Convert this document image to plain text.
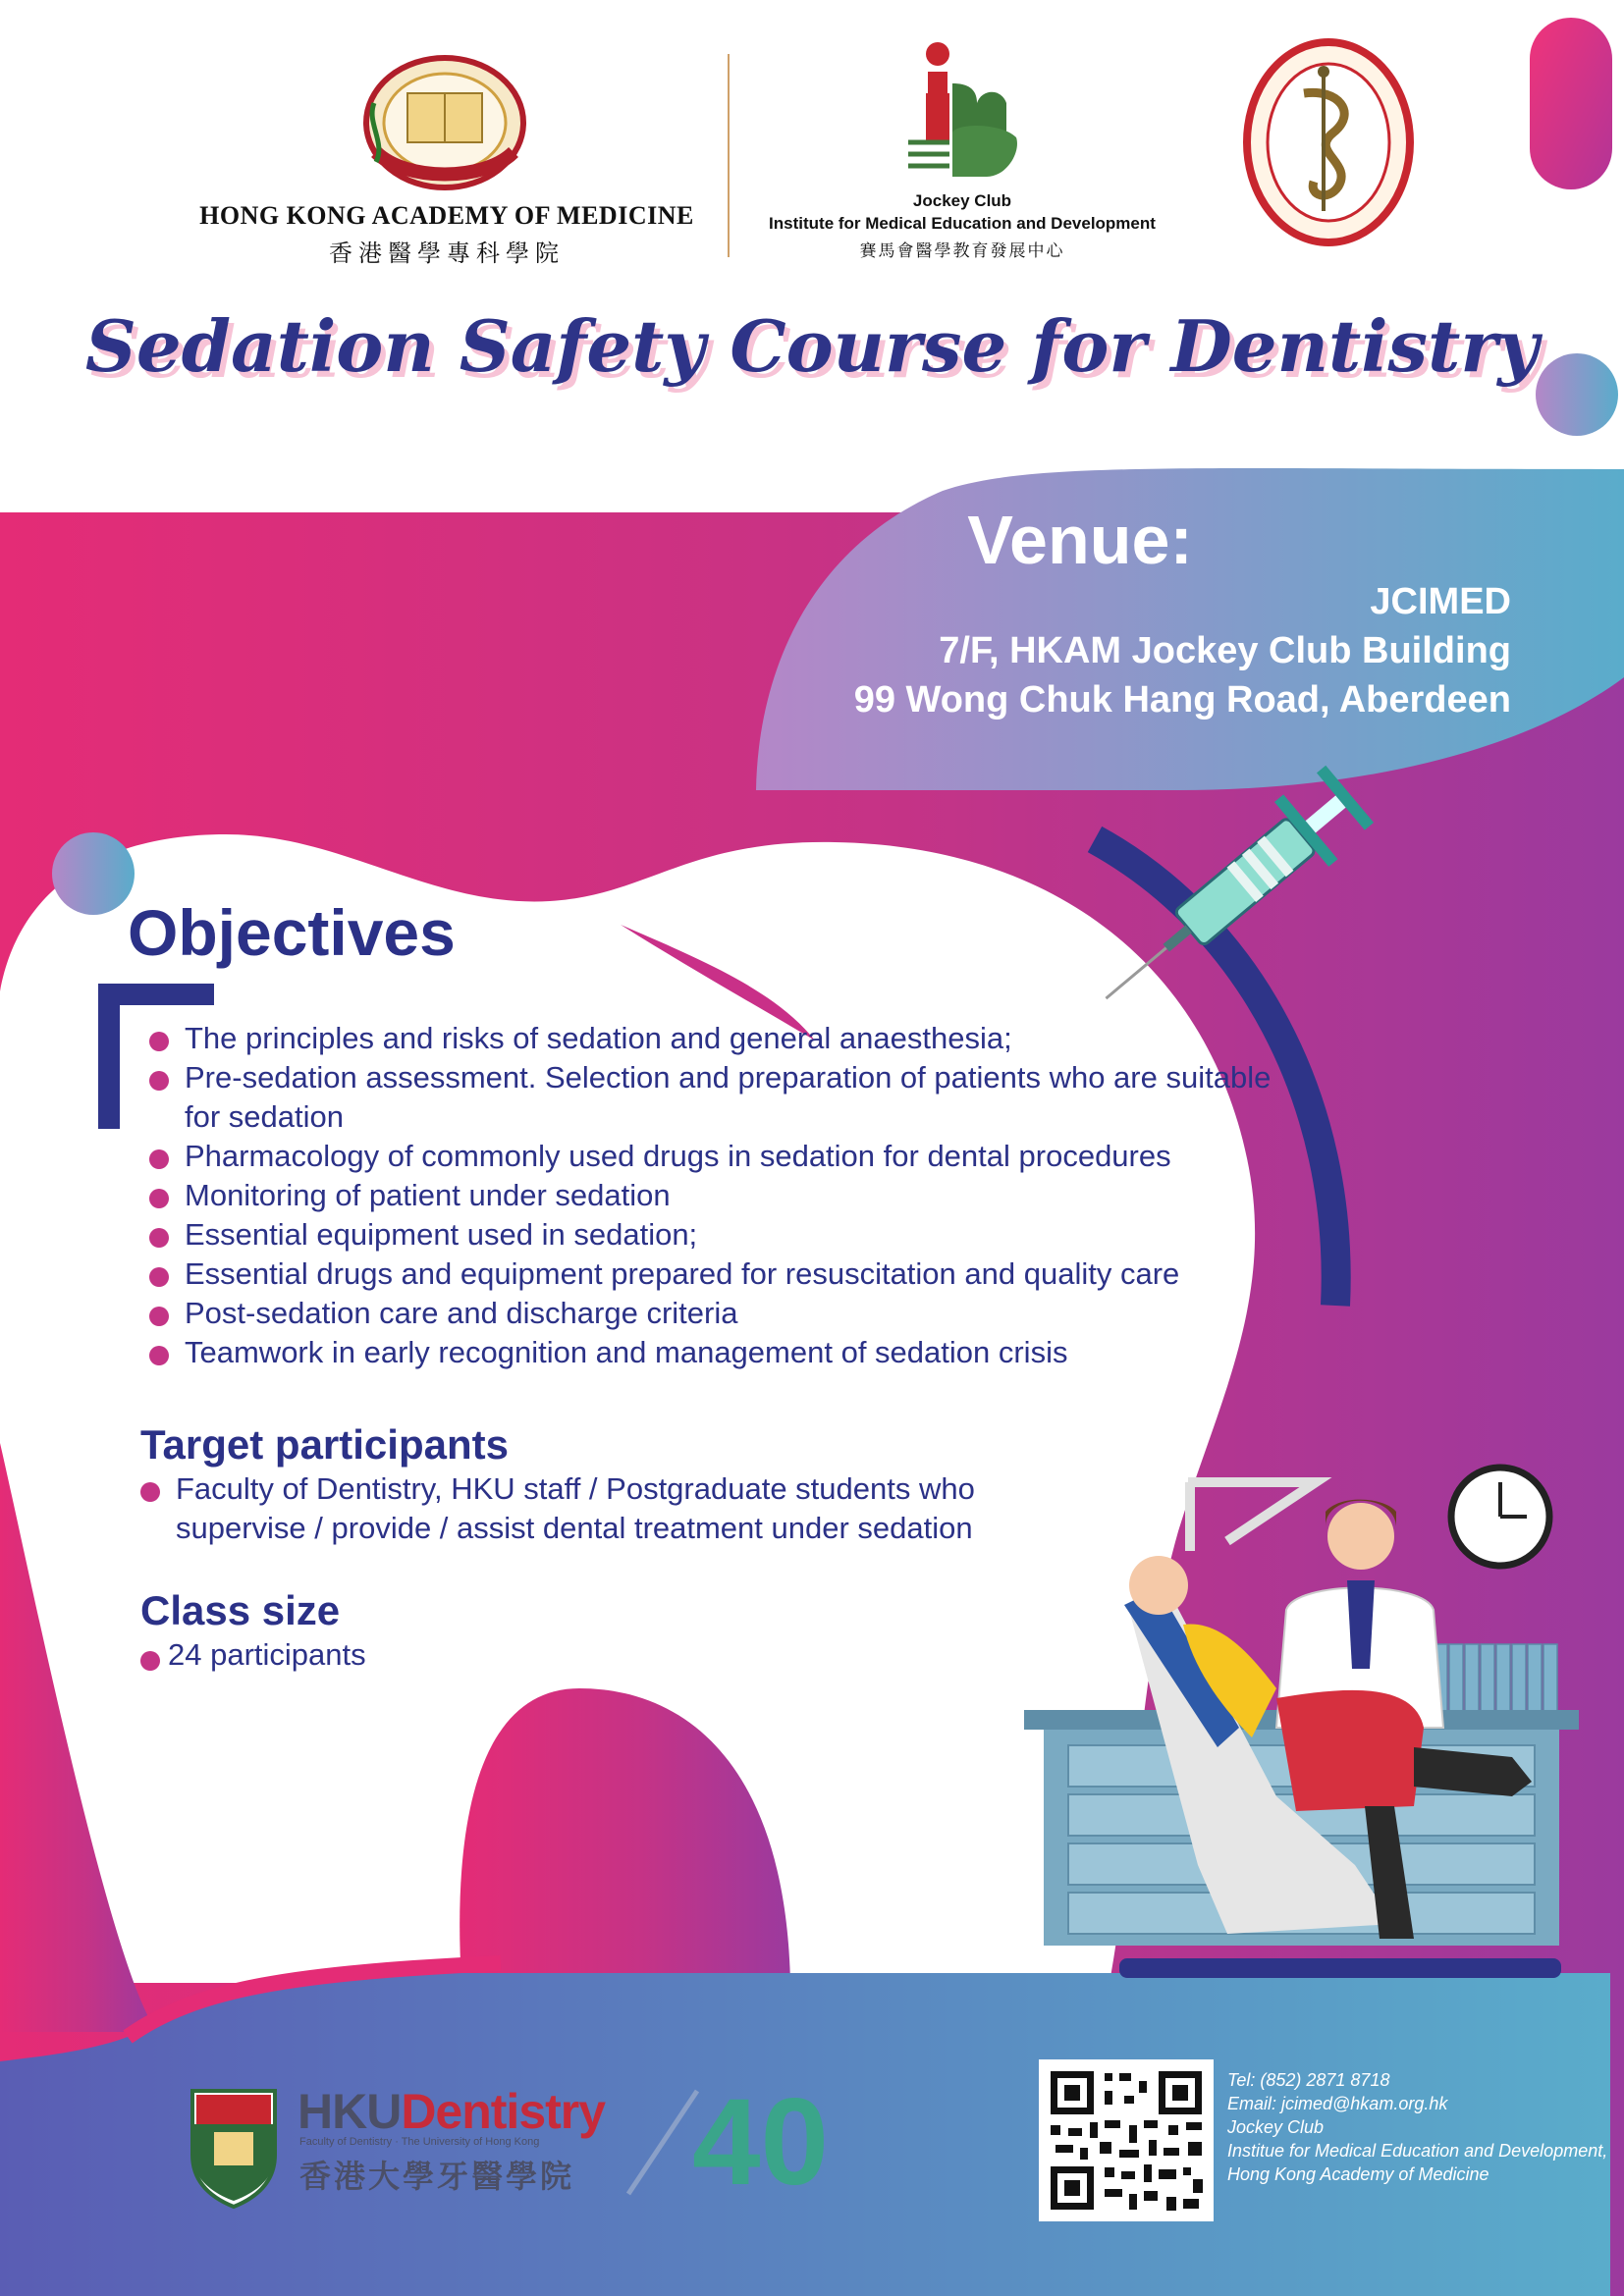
40
HONG KONG ACADEMY OF MEDICINE
香港醫學專科學院
Jockey Club
Institute for Medical Education and Development
賽馬會醫學教育發展中心
Sedation Safety Course for Dentistry
Venue:
JCIMED
7/F, HKAM Jockey Club Building
99 Wong Chuk Hang Road, Aberdeen
Objectives
The principles and risks of sedation and general anaesthesia;
Pre-sedation assessment. Selection and preparation of patients who are suitable for sedation
Pharmacology of commonly used drugs in sedation for dental procedures
Monitoring of patient under sedation
Essential equipment used in sedation;
Essential drugs and equipment prepared for resuscitation and quality care
Post-sedation care and discharge criteria
Teamwork in early recognition and management of sedation crisis
Target participants
Faculty of Dentistry, HKU staff / Postgraduate students who supervise / provide / assist dental treatment under sedation
Class size
24 participants
HKUDentistry
Faculty of Dentistry · The University of Hong Kong
香港大學牙醫學院
Tel: (852) 2871 8718
Email: jcimed@hkam.org.hk
Jockey Club
Institue for Medical Education and Development,
Hong Kong Academy of Medicine
